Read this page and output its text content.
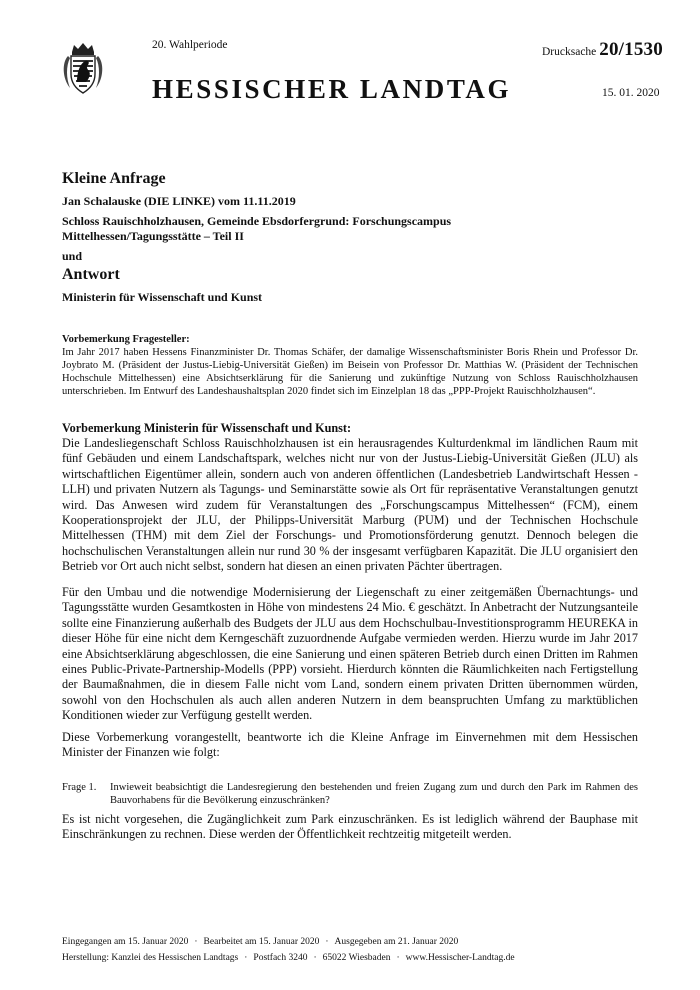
20. Wahlperiode
Drucksache 20/1530
HESSISCHER LANDTAG	15. 01. 2020

Kleine Anfrage

Jan Schalauske (DIE LINKE) vom 11.11.2019

Schloss Rauischholzhausen, Gemeinde Ebsdorfergrund: Forschungscampus Mittelhessen/Tagungsstätte – Teil II

und

Antwort

Ministerin für Wissenschaft und Kunst

Vorbemerkung Fragesteller:

Im Jahr 2017 haben Hessens Finanzminister Dr. Thomas Schäfer, der damalige Wissenschaftsminister Boris Rhein und Professor Dr. Joybrato M. (Präsident der Justus-Liebig-Universität Gießen) im Beisein von Professor Dr. Matthias W. (Präsident der Technischen Hochschule Mittelhessen) eine Absichtserklärung für die Sanierung und zukünftige Nutzung von Schloss Rauischholzhausen unterschrieben. Im Entwurf des Landeshaushaltsplan 2020 findet sich im Einzelplan 18 das „PPP-Projekt Rauischholzhausen“.

Vorbemerkung Ministerin für Wissenschaft und Kunst:

Die Landesliegenschaft Schloss Rauischholzhausen ist ein herausragendes Kulturdenkmal im ländlichen Raum mit fünf Gebäuden und einem Landschaftspark, welches nicht nur von der Justus-Liebig-Universität Gießen (JLU) als wirtschaftlichen Eigentümer allein, sondern auch von anderen öffentlichen (Landesbetrieb Landwirtschaft Hessen - LLH) und privaten Nutzern als Tagungs- und Seminarstätte sowie als Ort für repräsentative Veranstaltungen genutzt wird. Das Anwesen wird zudem für Veranstaltungen des „Forschungscampus Mittelhessen“ (FCM), einem Kooperationsprojekt der JLU, der Philipps-Universität Marburg (PUM) und der Technischen Hochschule Mittelhessen (THM) mit dem Ziel der Forschungs- und Promotionsförderung genutzt. Dennoch belegen die hochschulischen Veranstaltungen allein nur rund 30 % der insgesamt verfügbaren Kapazität. Die JLU organisiert den Betrieb vor Ort auch nicht selbst, sondern hat diesen an einen privaten Pächter übertragen.

Für den Umbau und die notwendige Modernisierung der Liegenschaft zu einer zeitgemäßen Übernachtungs- und Tagungsstätte wurden Gesamtkosten in Höhe von mindestens 24 Mio. € geschätzt. In Anbetracht der Nutzungsanteile sollte eine Finanzierung außerhalb des Budgets der JLU aus dem Hochschulbau-Investitionsprogramm HEUREKA in dieser Höhe für eine nicht dem Kerngeschäft zuzuordnende Aufgabe vermieden werden. Hierzu wurde im Jahr 2017 eine Absichtserklärung abgeschlossen, die eine Sanierung und einen späteren Betrieb durch einen Dritten im Rahmen eines Public-Private-Partnership-Modells (PPP) vorsieht. Hierdurch könnten die Räumlichkeiten nach Fertigstellung der Baumaßnahmen, die in diesem Falle nicht vom Land, sondern einem privaten Dritten übernommen würden, sowohl von den Hochschulen als auch allen anderen Nutzern in dem beanspruchten Umfang zu marktüblichen Konditionen wieder zur Verfügung gestellt werden.

Diese Vorbemerkung vorangestellt, beantworte ich die Kleine Anfrage im Einvernehmen mit dem Hessischen Minister der Finanzen wie folgt:

Frage 1. Inwieweit beabsichtigt die Landesregierung den bestehenden und freien Zugang zum und durch den Park im Rahmen des Bauvorhabens für die Bevölkerung einzuschränken?

Es ist nicht vorgesehen, die Zugänglichkeit zum Park einzuschränken. Es ist lediglich während der Bauphase mit Einschränkungen zu rechnen. Diese werden der Öffentlichkeit rechtzeitig mitgeteilt werden.

Eingegangen am 15. Januar 2020 · Bearbeitet am 15. Januar 2020 · Ausgegeben am 21. Januar 2020
Herstellung: Kanzlei des Hessischen Landtags · Postfach 3240 · 65022 Wiesbaden · www.Hessischer-Landtag.de
